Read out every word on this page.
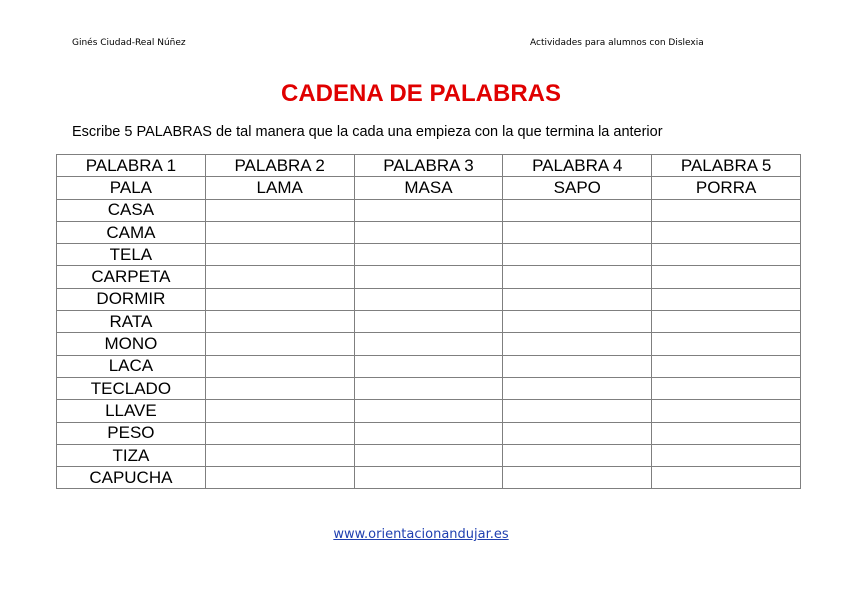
Ginés Ciudad-Real Núñez	Actividades para alumnos con Dislexia
CADENA DE PALABRAS
Escribe 5 PALABRAS de tal manera que la cada una empieza con la que termina la anterior
PALABRA 1	PALABRA 2	PALABRA 3	PALABRA 4	PALABRA 5
PALA	LAMA	MASA	SAPO	PORRA
CASA				
CAMA				
TELA				
CARPETA				
DORMIR				
RATA				
MONO				
LACA				
TECLADO				
LLAVE				
PESO				
TIZA				
CAPUCHA				
www.orientacionandujar.es
